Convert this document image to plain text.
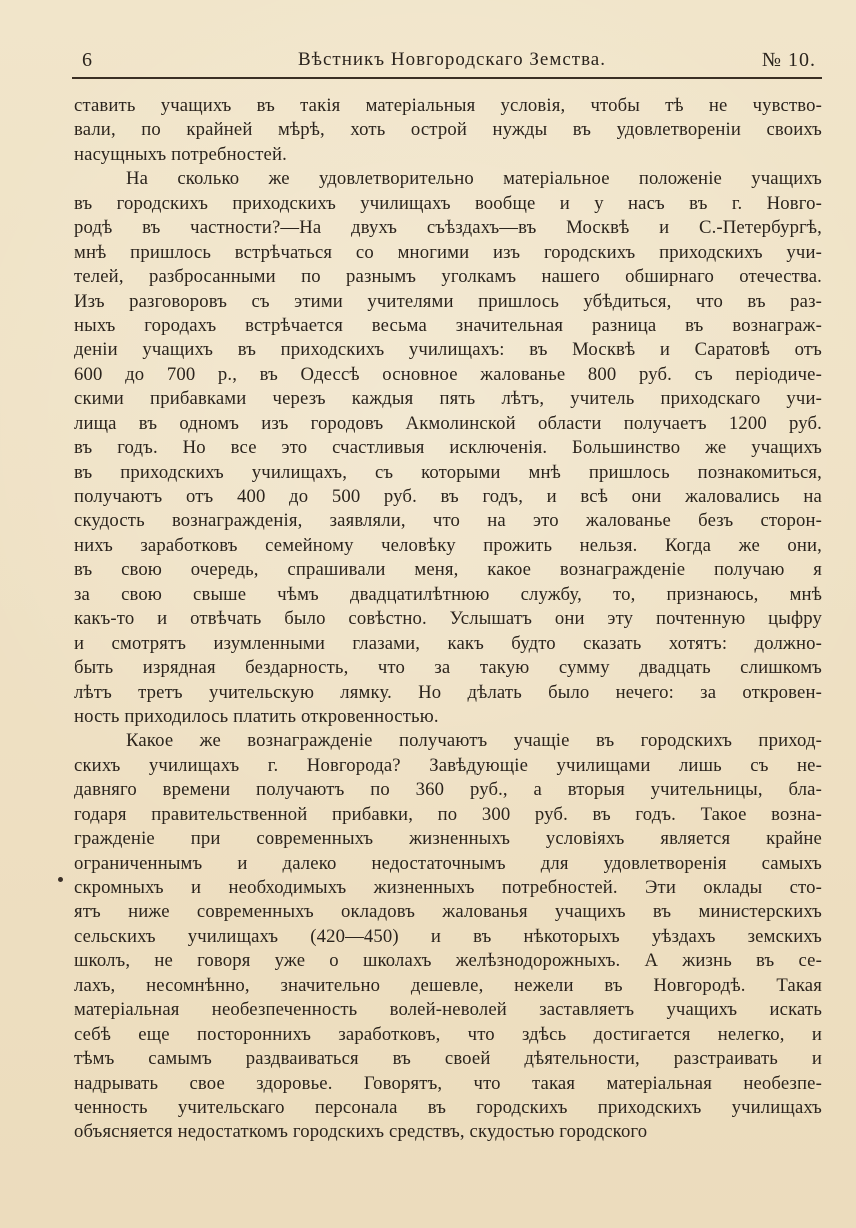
6	Вѣстникъ Новгородскаго Земства.	№ 10.
ставить учащихъ въ такія матеріальныя условія, чтобы тѣ не чувство-
вали, по крайней мѣрѣ, хоть острой нужды въ удовлетвореніи своихъ
насущныхъ потребностей.
На сколько же удовлетворительно матеріальное положеніе учащихъ
въ городскихъ приходскихъ училищахъ вообще и у насъ въ г. Новго-
родѣ въ частности?—На двухъ съѣздахъ—въ Москвѣ и С.-Петербургѣ,
мнѣ пришлось встрѣчаться со многими изъ городскихъ приходскихъ учи-
телей, разбросанными по разнымъ уголкамъ нашего обширнаго отечества.
Изъ разговоровъ съ этими учителями пришлось убѣдиться, что въ раз-
ныхъ городахъ встрѣчается весьма значительная разница въ вознаграж-
деніи учащихъ въ приходскихъ училищахъ: въ Москвѣ и Саратовѣ отъ
600 до 700 р., въ Одессѣ основное жалованье 800 руб. съ періодиче-
скими прибавками черезъ каждыя пять лѣтъ, учитель приходскаго учи-
лища въ одномъ изъ городовъ Акмолинской области получаетъ 1200 руб.
въ годъ. Но все это счастливыя исключенія. Большинство же учащихъ
въ приходскихъ училищахъ, съ которыми мнѣ пришлось познакомиться,
получаютъ отъ 400 до 500 руб. въ годъ, и всѣ они жаловались на
скудость вознагражденія, заявляли, что на это жалованье безъ сторон-
нихъ заработковъ семейному человѣку прожить нельзя. Когда же они,
въ свою очередь, спрашивали меня, какое вознагражденіе получаю я
за свою свыше чѣмъ двадцатилѣтнюю службу, то, признаюсь, мнѣ
какъ-то и отвѣчать было совѣстно. Услышатъ они эту почтенную цыфру
и смотрятъ изумленными глазами, какъ будто сказать хотятъ: должно-
быть изрядная бездарность, что за такую сумму двадцать слишкомъ
лѣтъ третъ учительскую лямку. Но дѣлать было нечего: за откровен-
ность приходилось платить откровенностью.
Какое же вознагражденіе получаютъ учащіе въ городскихъ приход-
скихъ училищахъ г. Новгорода? Завѣдующіе училищами лишь съ не-
давняго времени получаютъ по 360 руб., а вторыя учительницы, бла-
годаря правительственной прибавки, по 300 руб. въ годъ. Такое возна-
гражденіе при современныхъ жизненныхъ условіяхъ является крайне
ограниченнымъ и далеко недостаточнымъ для удовлетворенія самыхъ
скромныхъ и необходимыхъ жизненныхъ потребностей. Эти оклады сто-
ятъ ниже современныхъ окладовъ жалованья учащихъ въ министерскихъ
сельскихъ училищахъ (420—450) и въ нѣкоторыхъ уѣздахъ земскихъ
школъ, не говоря уже о школахъ желѣзнодорожныхъ. А жизнь въ се-
лахъ, несомнѣнно, значительно дешевле, нежели въ Новгородѣ. Такая
матеріальная необезпеченность волей-неволей заставляетъ учащихъ искать
себѣ еще постороннихъ заработковъ, что здѣсь достигается нелегко, и
тѣмъ самымъ раздваиваться въ своей дѣятельности, разстраивать и
надрывать свое здоровье. Говорятъ, что такая матеріальная необезпе-
ченность учительскаго персонала въ городскихъ приходскихъ училищахъ
объясняется недостаткомъ городскихъ средствъ, скудостью городского
